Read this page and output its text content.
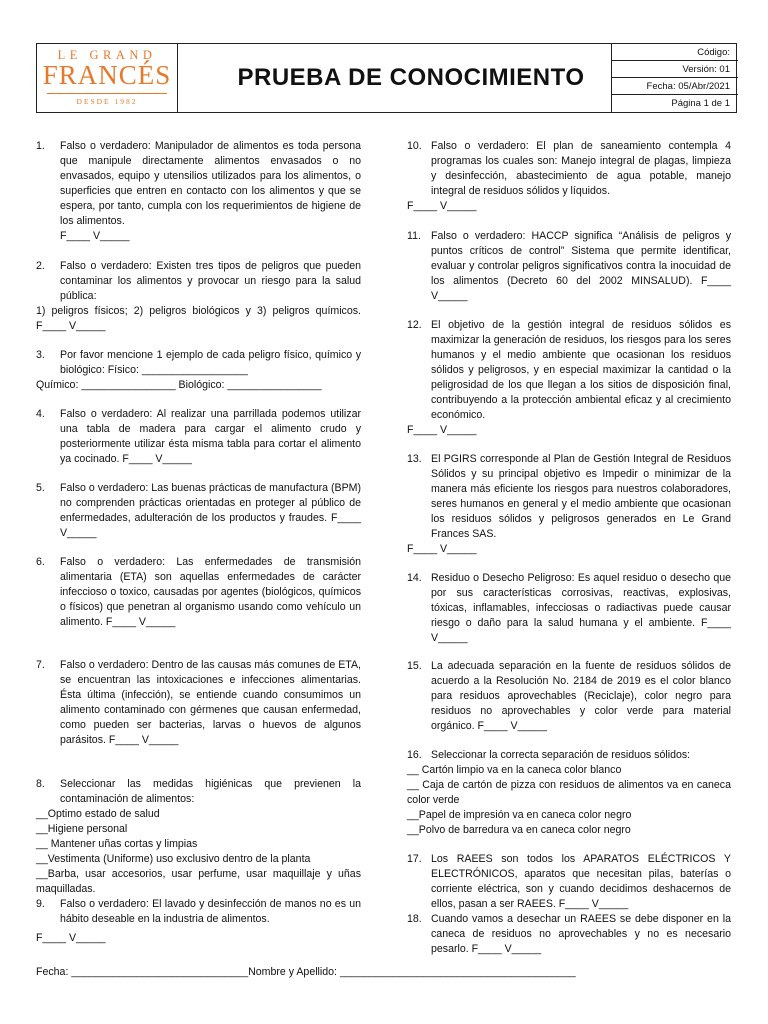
LE GRAND
FRANCÉS
DESDE 1982
PRUEBA DE CONOCIMIENTO
Código:
Versión: 01
Fecha: 05/Abr/2021
Página 1 de 1
1. Falso o verdadero: Manipulador de alimentos es toda persona que manipule directamente alimentos envasados o no envasados, equipo y utensilios utilizados para los alimentos, o superficies que entren en contacto con los alimentos y que se espera, por tanto, cumpla con los requerimientos de higiene de los alimentos.
F____ V_____
2. Falso o verdadero: Existen tres tipos de peligros que pueden contaminar los alimentos y provocar un riesgo para la salud pública:
1) peligros físicos; 2) peligros biológicos y 3) peligros químicos. F____ V_____
3. Por favor mencione 1 ejemplo de cada peligro físico, químico y biológico: Físico: __________________
Químico: ________________ Biológico: ________________
4. Falso o verdadero: Al realizar una parrillada podemos utilizar una tabla de madera para cargar el alimento crudo y posteriormente utilizar ésta misma tabla para cortar el alimento ya cocinado. F____ V_____
5. Falso o verdadero: Las buenas prácticas de manufactura (BPM) no comprenden prácticas orientadas en proteger al público de enfermedades, adulteración de los productos y fraudes. F____ V_____
6. Falso o verdadero: Las enfermedades de transmisión alimentaria (ETA) son aquellas enfermedades de carácter infeccioso o toxico, causadas por agentes (biológicos, químicos o físicos) que penetran al organismo usando como vehículo un alimento. F____ V_____
7. Falso o verdadero: Dentro de las causas más comunes de ETA, se encuentran las intoxicaciones e infecciones alimentarias. Ésta última (infección), se entiende cuando consumimos un alimento contaminado con gérmenes que causan enfermedad, como pueden ser bacterias, larvas o huevos de algunos parásitos. F____ V_____
8. Seleccionar las medidas higiénicas que previenen la contaminación de alimentos:
__Optimo estado de salud
__Higiene personal
__ Mantener uñas cortas y limpias
__Vestimenta (Uniforme) uso exclusivo dentro de la planta
__Barba, usar accesorios, usar perfume, usar maquillaje y uñas maquilladas.
9. Falso o verdadero: El lavado y desinfección de manos no es un hábito deseable en la industria de alimentos.
F____ V_____
10. Falso o verdadero: El plan de saneamiento contempla 4 programas los cuales son: Manejo integral de plagas, limpieza y desinfección, abastecimiento de agua potable, manejo integral de residuos sólidos y líquidos.
F____ V_____
11. Falso o verdadero: HACCP significa “Análisis de peligros y puntos críticos de control” Sistema que permite identificar, evaluar y controlar peligros significativos contra la inocuidad de los alimentos (Decreto 60 del 2002 MINSALUD). F____ V_____
12. El objetivo de la gestión integral de residuos sólidos es maximizar la generación de residuos, los riesgos para los seres humanos y el medio ambiente que ocasionan los residuos sólidos y peligrosos, y en especial maximizar la cantidad o la peligrosidad de los que llegan a los sitios de disposición final, contribuyendo a la protección ambiental eficaz y al crecimiento económico.
F____ V_____
13. El PGIRS corresponde al Plan de Gestión Integral de Residuos Sólidos y su principal objetivo es Impedir o minimizar de la manera más eficiente los riesgos para nuestros colaboradores, seres humanos en general y el medio ambiente que ocasionan los residuos sólidos y peligrosos generados en Le Grand Frances SAS.
F____ V_____
14. Residuo o Desecho Peligroso: Es aquel residuo o desecho que por sus características corrosivas, reactivas, explosivas, tóxicas, inflamables, infecciosas o radiactivas puede causar riesgo o daño para la salud humana y el ambiente. F____ V_____
15. La adecuada separación en la fuente de residuos sólidos de acuerdo a la Resolución No. 2184 de 2019 es el color blanco para residuos aprovechables (Reciclaje), color negro para residuos no aprovechables y color verde para material orgánico. F____ V_____
16. Seleccionar la correcta separación de residuos sólidos:
__ Cartón limpio va en la caneca color blanco
__ Caja de cartón de pizza con residuos de alimentos va en caneca color verde
__Papel de impresión va en caneca color negro
__Polvo de barredura va en caneca color negro
17. Los RAEES son todos los APARATOS ELÉCTRICOS Y ELECTRÓNICOS, aparatos que necesitan pilas, baterías o corriente eléctrica, son y cuando decidimos deshacernos de ellos, pasan a ser RAEES. F____ V_____
18. Cuando vamos a desechar un RAEES se debe disponer en la caneca de residuos no aprovechables y no es necesario pesarlo. F____ V_____
Fecha: ______________________________Nombre y Apellido: ________________________________________
